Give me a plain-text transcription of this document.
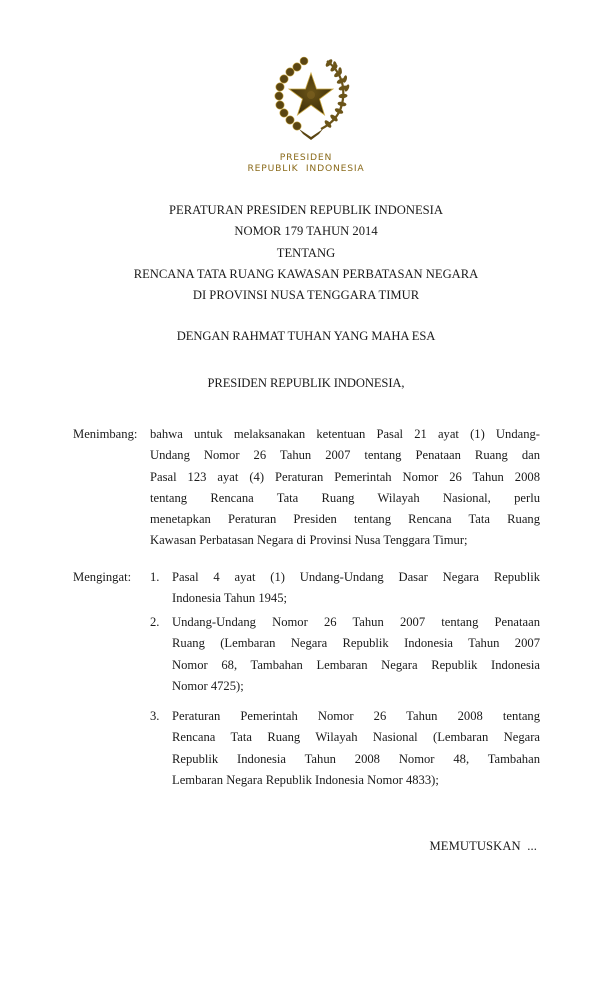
PRESIDEN
REPUBLIK  INDONESIA
PERATURAN PRESIDEN REPUBLIK INDONESIA
NOMOR 179 TAHUN 2014
TENTANG
RENCANA TATA RUANG KAWASAN PERBATASAN NEGARA
DI PROVINSI NUSA TENGGARA TIMUR
DENGAN RAHMAT TUHAN YANG MAHA ESA
PRESIDEN REPUBLIK INDONESIA,
Menimbang: bahwa untuk melaksanakan ketentuan Pasal 21 ayat (1) Undang-
Undang Nomor 26 Tahun 2007 tentang Penataan Ruang dan
Pasal 123 ayat (4) Peraturan Pemerintah Nomor 26 Tahun 2008
tentang Rencana Tata Ruang Wilayah Nasional, perlu
menetapkan Peraturan Presiden tentang Rencana Tata Ruang
Kawasan Perbatasan Negara di Provinsi Nusa Tenggara Timur;
Mengingat: 1. Pasal 4 ayat (1) Undang-Undang Dasar Negara Republik
Indonesia Tahun 1945;
2. Undang-Undang Nomor 26 Tahun 2007 tentang Penataan
Ruang (Lembaran Negara Republik Indonesia Tahun 2007
Nomor 68, Tambahan Lembaran Negara Republik Indonesia
Nomor 4725);
3. Peraturan Pemerintah Nomor 26 Tahun 2008 tentang
Rencana Tata Ruang Wilayah Nasional (Lembaran Negara
Republik Indonesia Tahun 2008 Nomor 48, Tambahan
Lembaran Negara Republik Indonesia Nomor 4833);
MEMUTUSKAN  ...
